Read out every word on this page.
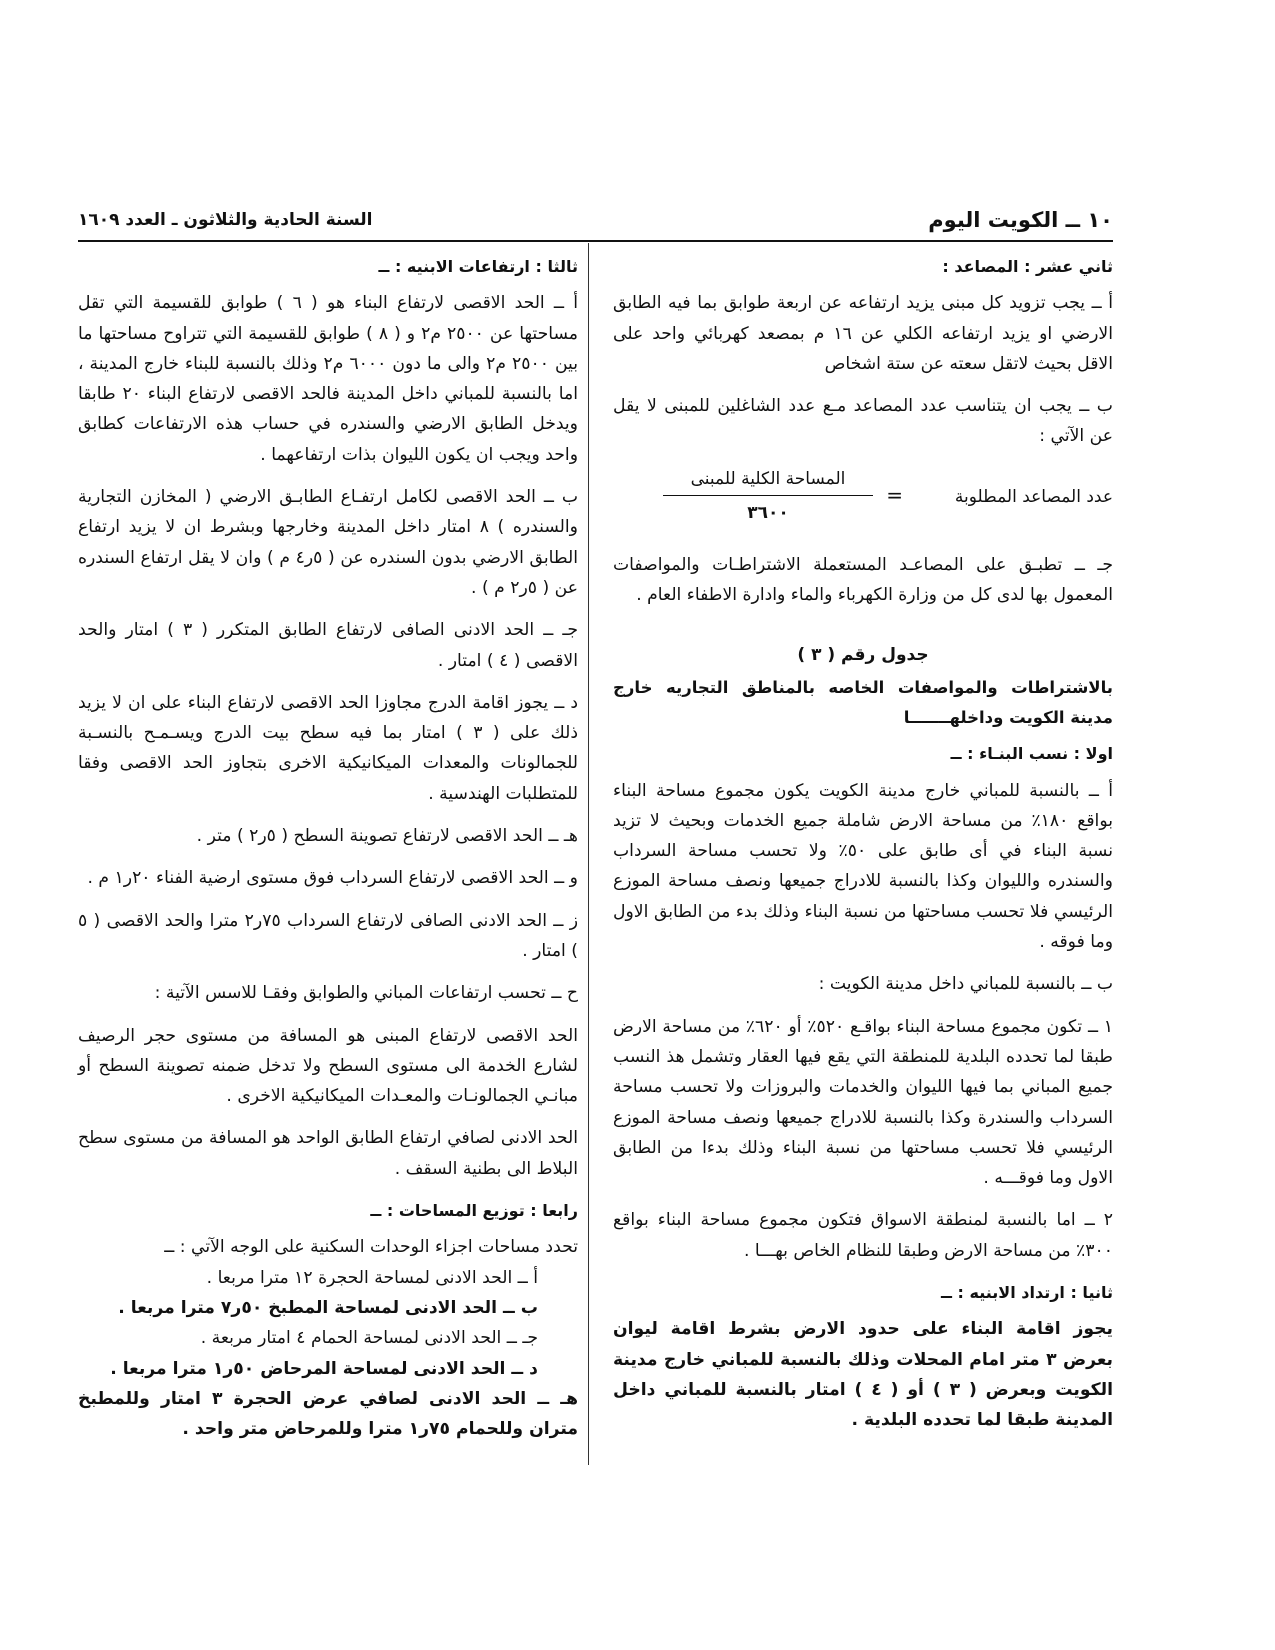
١٠ ــ الكويت اليوم
السنة الحادية والثلاثون ـ العدد ١٦٠٩
ثاني عشر : المصاعد :

أ ــ يجب تزويد كل مبنى يزيد ارتفاعه عن اربعة طوابق بما فيه الطابق الارضي او يزيد ارتفاعه الكلي عن ١٦ م بمصعد كهربائي واحد على الاقل بحيث لاتقل سعته عن ستة اشخاص

ب ــ يجب ان يتناسب عدد المصاعد مـع عدد الشاغلين للمبنى لا يقل عن الآتي :

عدد المصاعد المطلوبة
=
المساحة الكلية للمبنى
٣٦٠٠

جـ ــ تطبـق على المصاعـد المستعملة الاشتراطـات والمواصفات المعمول بها لدى كل من وزارة الكهرباء والماء وادارة الاطفاء العام .

جدول رقم ( ٣ )
بالاشتراطات والمواصفات الخاصه بالمناطق التجاريه خارج مدينة الكويت وداخلهـــــــا
اولا : نسب البنـاء : ــ

أ ــ بالنسبة للمباني خارج مدينة الكويت يكون مجموع مساحة البناء بواقع ١٨٠٪ من مساحة الارض شاملة جميع الخدمات وبحيث لا تزيد نسبة البناء في أى طابق على ٥٠٪ ولا تحسب مساحة السرداب والسندره والليوان وكذا بالنسبة للادراج جميعها ونصف مساحة الموزع الرئيسي فلا تحسب مساحتها من نسبة البناء وذلك بدء من الطابق الاول وما فوقه .

ب ــ بالنسبة للمباني داخل مدينة الكويت :

١ ــ تكون مجموع مساحة البناء بواقـع ٥٢٠٪ أو ٦٢٠٪ من مساحة الارض طبقا لما تحدده البلدية للمنطقة التي يقع فيها العقار وتشمل هذ النسب جميع المباني بما فيها الليوان والخدمات والبروزات ولا تحسب مساحة السرداب والسندرة وكذا بالنسبة للادراج جميعها ونصف مساحة الموزع الرئيسي فلا تحسب مساحتها من نسبة البناء وذلك بدءا من الطابق الاول وما فوقـــه .

٢ ــ اما بالنسبة لمنطقة الاسواق فتكون مجموع مساحة البناء بواقع ٣٠٠٪ من مساحة الارض وطبقا للنظام الخاص بهـــا .

ثانيا : ارتداد الابنيه : ــ

يجوز اقامة البناء على حدود الارض بشرط اقامة ليوان بعرض ٣ متر امام المحلات وذلك بالنسبة للمباني خارج مدينة الكويت وبعرض ( ٣ ) أو ( ٤ ) امتار بالنسبة للمباني داخل المدينة طبقا لما تحدده البلدية .

ثالثا : ارتفاعات الابنيه : ــ

أ ــ الحد الاقصى لارتفاع البناء هو ( ٦ ) طوابق للقسيمة التي تقل مساحتها عن ٢٥٠٠ م٢ و ( ٨ ) طوابق للقسيمة التي تتراوح مساحتها ما بين ٢٥٠٠ م٢ والى ما دون ٦٠٠٠ م٢ وذلك بالنسبة للبناء خارج المدينة ، اما بالنسبة للمباني داخل المدينة فالحد الاقصى لارتفاع البناء ٢٠ طابقا ويدخل الطابق الارضي والسندره في حساب هذه الارتفاعات كطابق واحد ويجب ان يكون الليوان بذات ارتفاعهما .

ب ــ الحد الاقصى لكامل ارتفـاع الطابـق الارضي ( المخازن التجارية والسندره ) ٨ امتار داخل المدينة وخارجها وبشرط ان لا يزيد ارتفاع الطابق الارضي بدون السندره عن ( ٥ر٤ م ) وان لا يقل ارتفاع السندره عن ( ٥ر٢ م ) .

جـ ــ الحد الادنى الصافى لارتفاع الطابق المتكرر ( ٣ ) امتار والحد الاقصى ( ٤ ) امتار .

د ــ يجوز اقامة الدرج مجاوزا الحد الاقصى لارتفاع البناء على ان لا يزيد ذلك على ( ٣ ) امتار بما فيه سطح بيت الدرج ويسـمـح بالنسـبة للجمالونات والمعدات الميكانيكية الاخرى بتجاوز الحد الاقصى وفقا للمتطلبات الهندسية .

هـ ــ الحد الاقصى لارتفاع تصوينة السطح ( ٥ر٢ ) متر .

و ــ الحد الاقصى لارتفاع السرداب فوق مستوى ارضية الفناء ٢٠ر١ م .

ز ــ الحد الادنى الصافى لارتفاع السرداب ٧٥ر٢ مترا والحد الاقصى ( ٥ ) امتار .

ح ــ تحسب ارتفاعات المباني والطوابق وفقـا للاسس الآتية :

الحد الاقصى لارتفاع المبنى هو المسافة من مستوى حجر الرصيف لشارع الخدمة الى مستوى السطح ولا تدخل ضمنه تصوينة السطح أو مبانـي الجمالونـات والمعـدات الميكانيكية الاخرى .

الحد الادنى لصافي ارتفاع الطابق الواحد هو المسافة من مستوى سطح البلاط الى بطنية السقف .

رابعا : توزيع المساحات : ــ

تحدد مساحات اجزاء الوحدات السكنية على الوجه الآتي : ــ

أ ــ الحد الادنى لمساحة الحجرة ١٢ مترا مربعا .
ب ــ الحد الادنى لمساحة المطبخ ٥٠ر٧ مترا مربعا .
جـ ــ الحد الادنى لمساحة الحمام ٤ امتار مربعة .
د ــ الحد الادنى لمساحة المرحاض ٥٠ر١ مترا مربعا .
هـ ــ الحد الادنى لصافي عرض الحجرة ٣ امتار وللمطبخ متران وللحمام ٧٥ر١ مترا وللمرحاض متر واحد .
